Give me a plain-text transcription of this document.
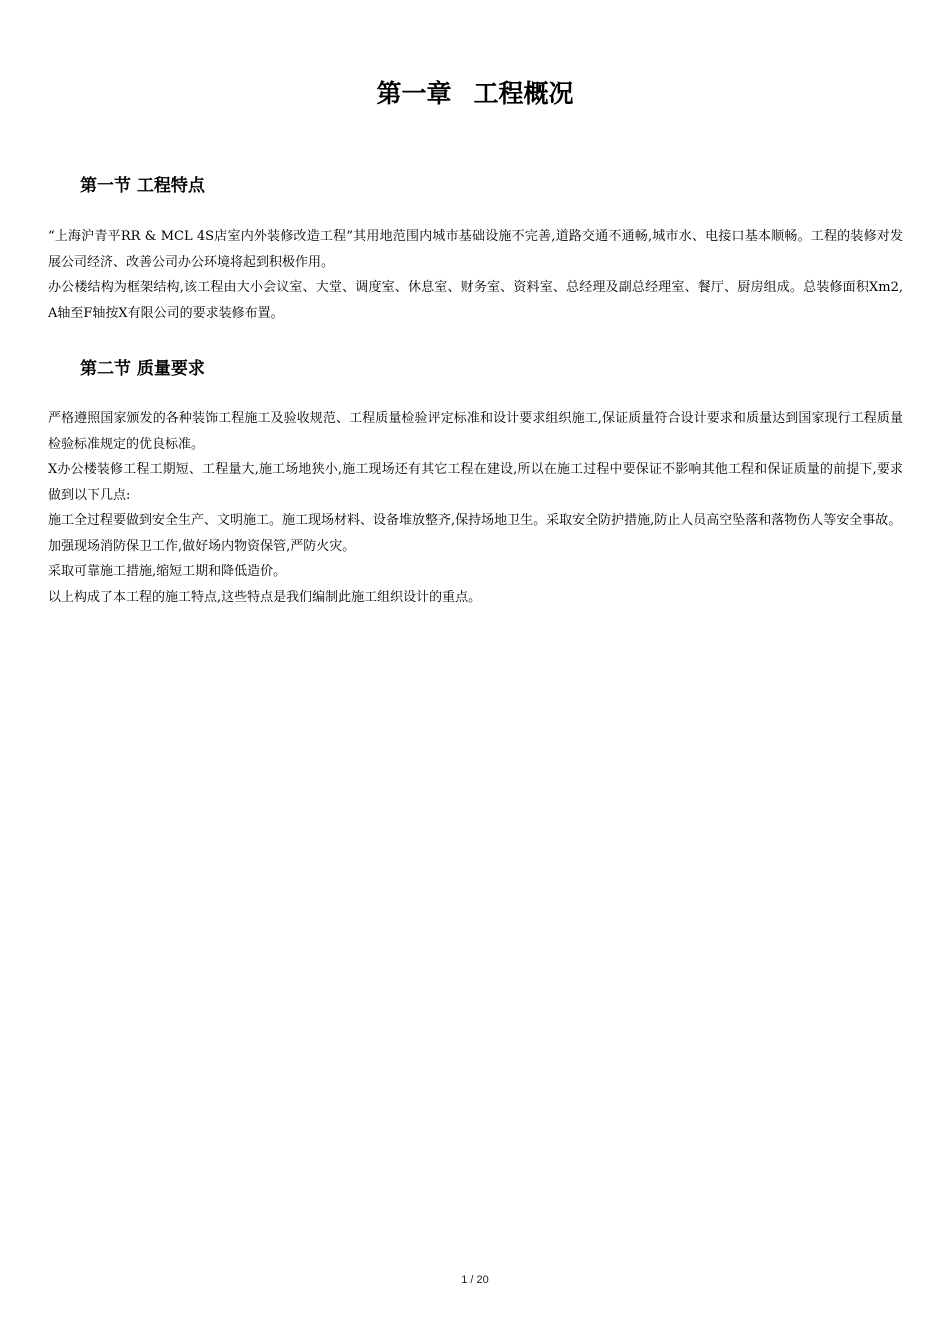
第一章 工程概况
第一节 工程特点

“上海沪青平RR & MCL 4S店室内外装修改造工程”其用地范围内城市基础设施不完善,道路交通不通畅,城市水、电接口基本顺畅。工程的装修对发展公司经济、改善公司办公环境将起到积极作用。

办公楼结构为框架结构,该工程由大小会议室、大堂、调度室、休息室、财务室、资料室、总经理及副总经理室、餐厅、厨房组成。总装修面积Xm2, A轴至F轴按X有限公司的要求装修布置。

第二节 质量要求

严格遵照国家颁发的各种装饰工程施工及验收规范、工程质量检验评定标准和设计要求组织施工,保证质量符合设计要求和质量达到国家现行工程质量检验标准规定的优良标准。

X办公楼装修工程工期短、工程量大,施工场地狭小,施工现场还有其它工程在建设,所以在施工过程中要保证不影响其他工程和保证质量的前提下,要求做到以下几点:

施工全过程要做到安全生产、文明施工。施工现场材料、设备堆放整齐,保持场地卫生。采取安全防护措施,防止人员高空坠落和落物伤人等安全事故。

加强现场消防保卫工作,做好场内物资保管,严防火灾。

采取可靠施工措施,缩短工期和降低造价。

以上构成了本工程的施工特点,这些特点是我们编制此施工组织设计的重点。

1 / 20
